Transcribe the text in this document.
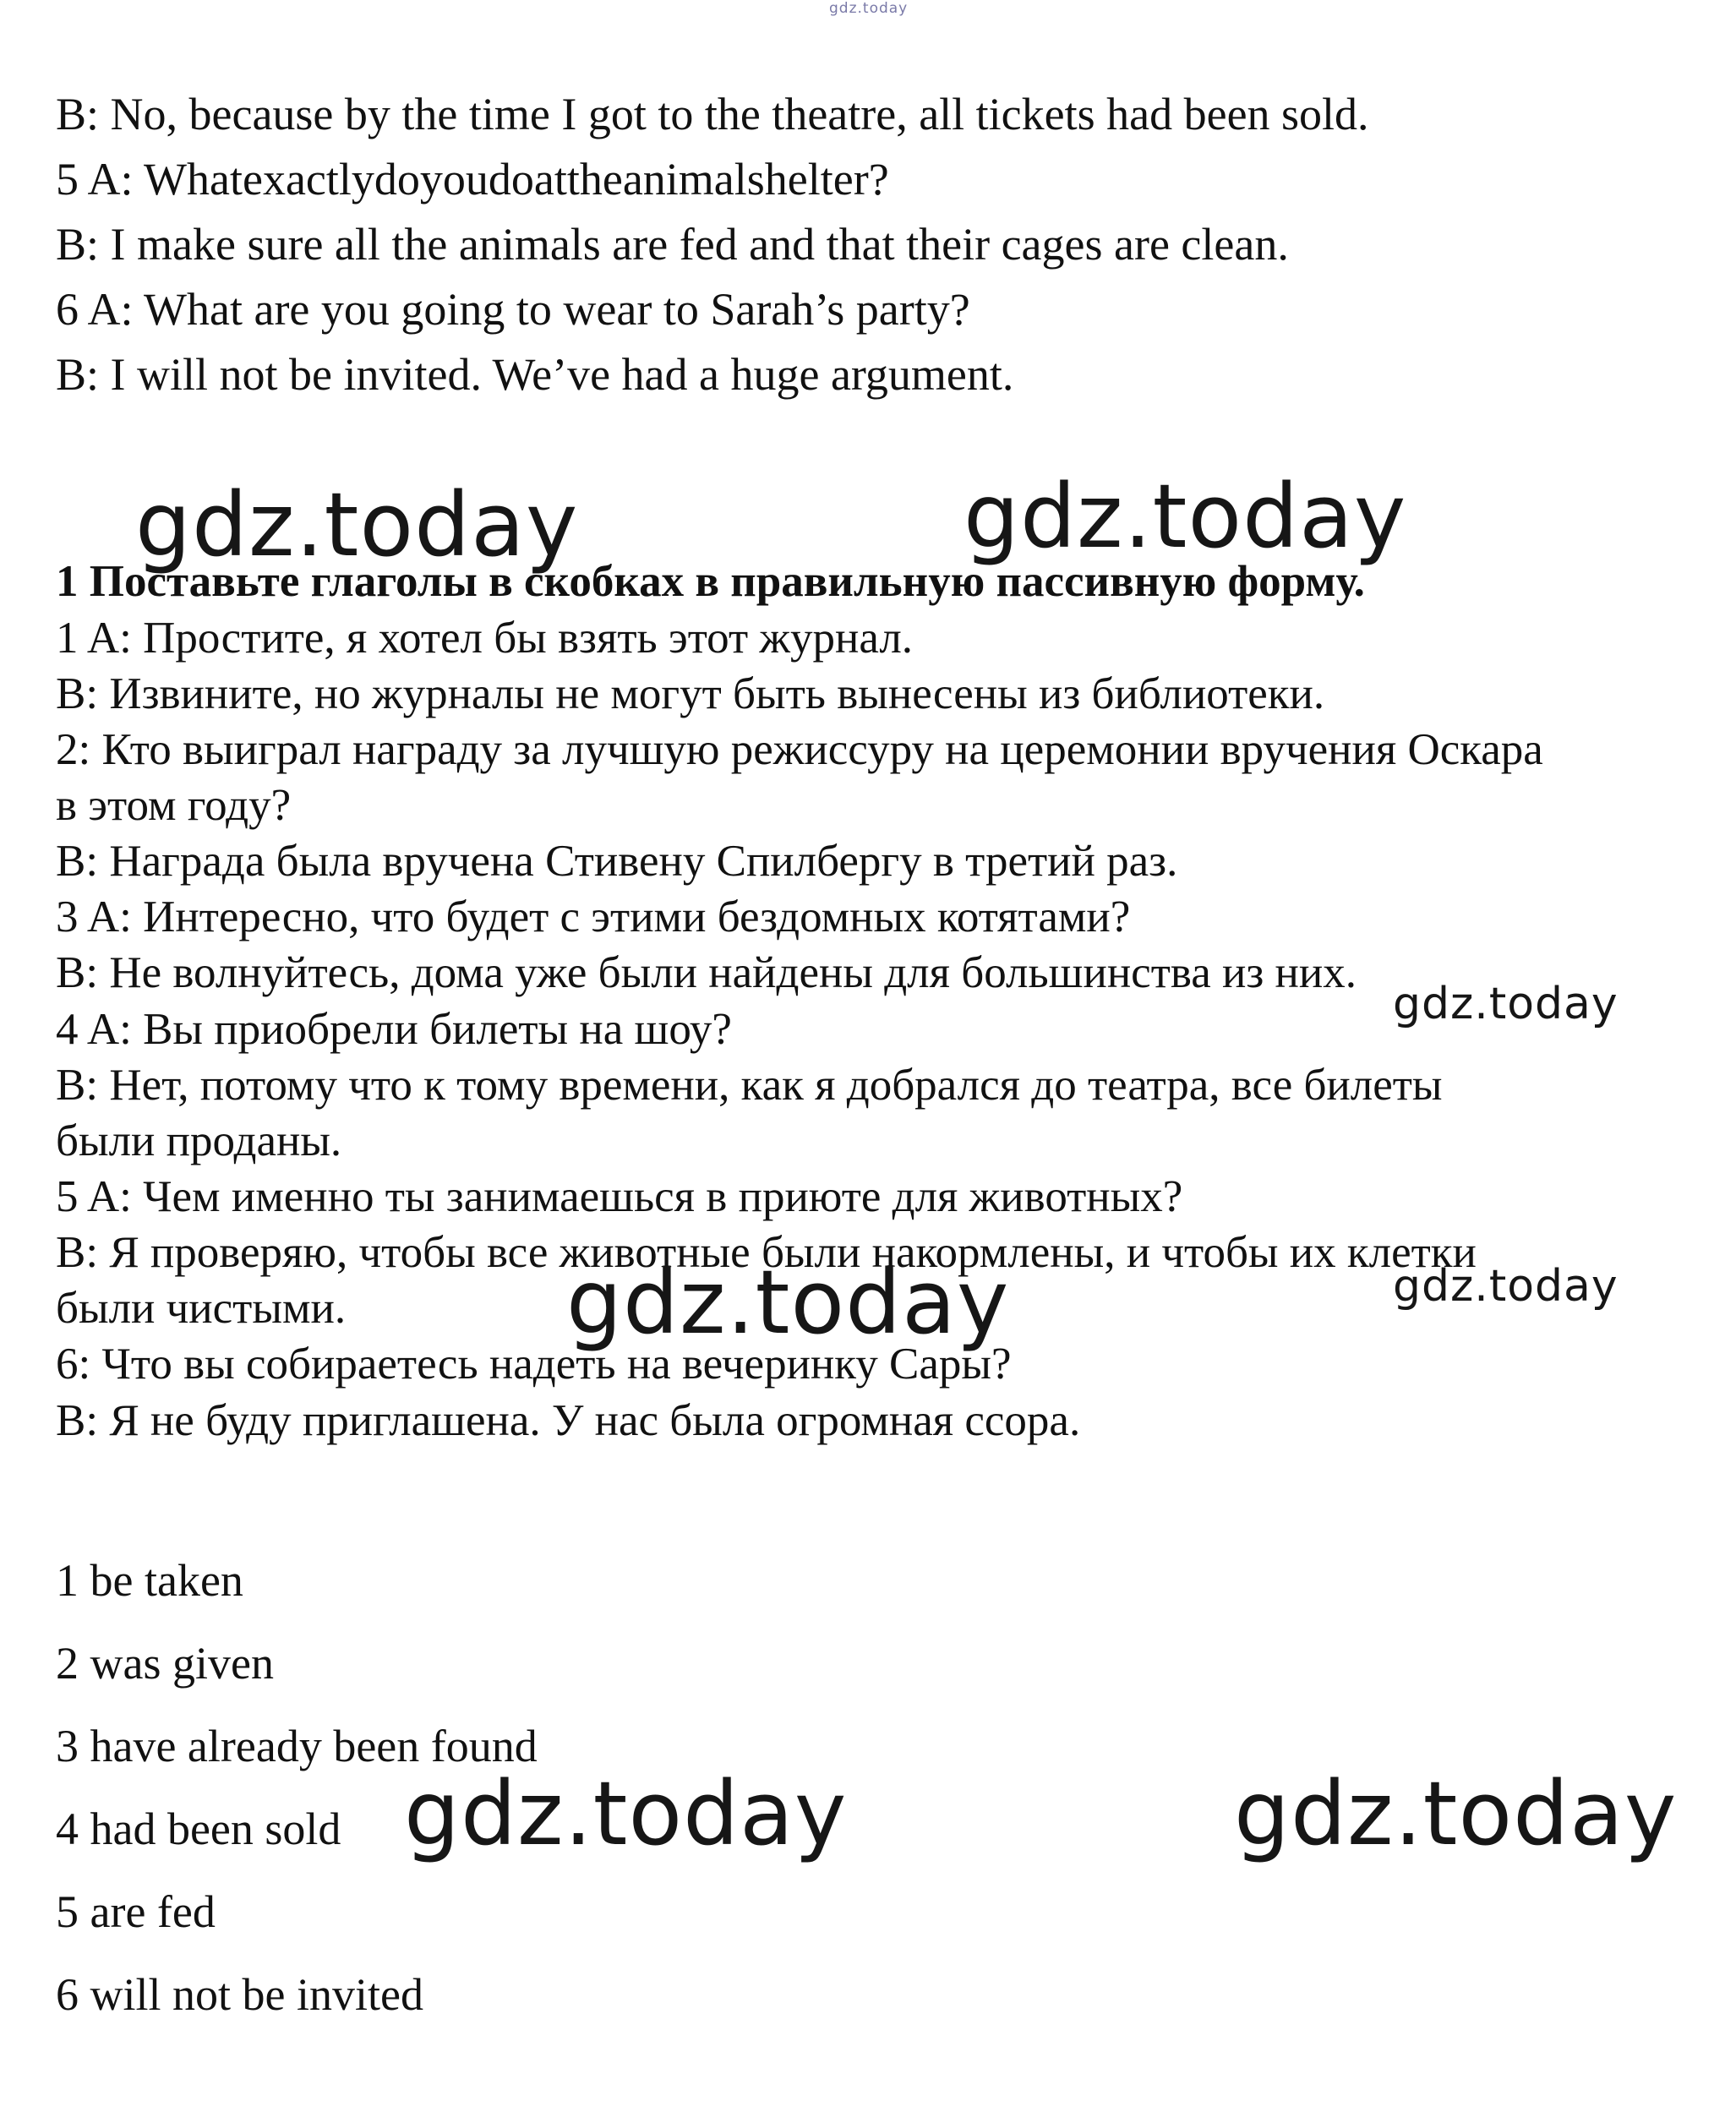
gdz.today
B: No, because by the time I got to the theatre, all tickets had been sold.
5 A: Whatexactlydoyoudoattheanimalshelter?
B: I make sure all the animals are fed and that their cages are clean.
6 A: What are you going to wear to Sarah’s party?
B: I will not be invited. We’ve had a huge argument.
1 Поставьте глаголы в скобках в правильную пассивную форму.
1 A: Простите, я хотел бы взять этот журнал.
B: Извините, но журналы не могут быть вынесены из библиотеки.
2: Кто выиграл награду за лучшую режиссуру на церемонии вручения Оскара
в этом году?
B: Награда была вручена Стивену Спилбергу в третий раз.
3 A: Интересно, что будет с этими бездомных котятами?
B: Не волнуйтесь, дома уже были найдены для большинства из них.
4 A: Вы приобрели билеты на шоу?
B: Нет, потому что к тому времени, как я добрался до театра, все билеты
были проданы.
5 A: Чем именно ты занимаешься в приюте для животных?
B: Я проверяю, чтобы все животные были накормлены, и чтобы их клетки
были чистыми.
6: Что вы собираетесь надеть на вечеринку Сары?
B: Я не буду приглашена. У нас была огромная ссора.
1 be taken
2 was given
3 have already been found
4 had been sold
5 are fed
6 will not be invited
gdz.today	gdz.today
gdz.today
gdz.today	gdz.today
gdz.today	gdz.today
